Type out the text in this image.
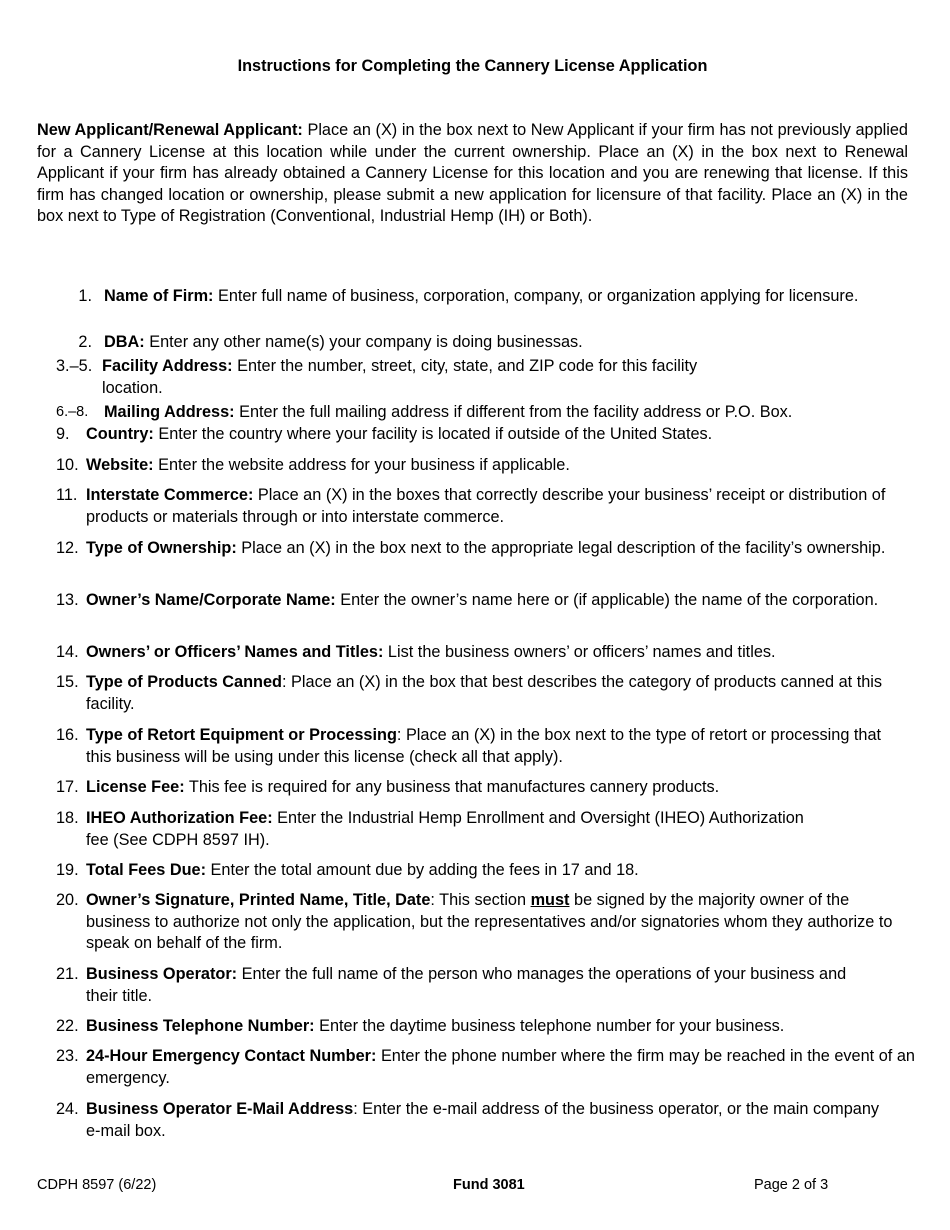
Instructions for Completing the Cannery License Application
New Applicant/Renewal Applicant: Place an (X) in the box next to New Applicant if your firm has not previously applied for a Cannery License at this location while under the current ownership. Place an (X) in the box next to Renewal Applicant if your firm has already obtained a Cannery License for this location and you are renewing that license. If this firm has changed location or ownership, please submit a new application for licensure of that facility. Place an (X) in the box next to Type of Registration (Conventional, Industrial Hemp (IH) or Both).
1. Name of Firm: Enter full name of business, corporation, company, or organization applying for licensure.
2. DBA: Enter any other name(s) your company is doing businessas.
3.–5. Facility Address: Enter the number, street, city, state, and ZIP code for this facility location.
6.–8. Mailing Address: Enter the full mailing address if different from the facility address or P.O. Box.
9.	Country: Enter the country where your facility is located if outside of the United States.
10. Website: Enter the website address for your business if applicable.
11. Interstate Commerce: Place an (X) in the boxes that correctly describe your business’ receipt or distribution of products or materials through or into interstate commerce.
12. Type of Ownership: Place an (X) in the box next to the appropriate legal description of the facility’s ownership.
13. Owner’s Name/Corporate Name: Enter the owner’s name here or (if applicable) the name of the corporation.
14. Owners’ or Officers’ Names and Titles: List the business owners’ or officers’ names and titles.
15. Type of Products Canned: Place an (X) in the box that best describes the category of products canned at this facility.
16. Type of Retort Equipment or Processing: Place an (X) in the box next to the type of retort or processing that this business will be using under this license (check all that apply).
17. License Fee: This fee is required for any business that manufactures cannery products.
18. IHEO Authorization Fee: Enter the Industrial Hemp Enrollment and Oversight (IHEO) Authorization fee (See CDPH 8597 IH).
19. Total Fees Due: Enter the total amount due by adding the fees in 17 and 18.
20. Owner’s Signature, Printed Name, Title, Date: This section must be signed by the majority owner of the business to authorize not only the application, but the representatives and/or signatories whom they authorize to speak on behalf of the firm.
21. Business Operator: Enter the full name of the person who manages the operations of your business and their title.
22. Business Telephone Number: Enter the daytime business telephone number for your business.
23. 24-Hour Emergency Contact Number: Enter the phone number where the firm may be reached in the event of an emergency.
24. Business Operator E-Mail Address: Enter the e-mail address of the business operator, or the main company e-mail box.
CDPH 8597 (6/22)	Fund 3081	Page 2 of 3
